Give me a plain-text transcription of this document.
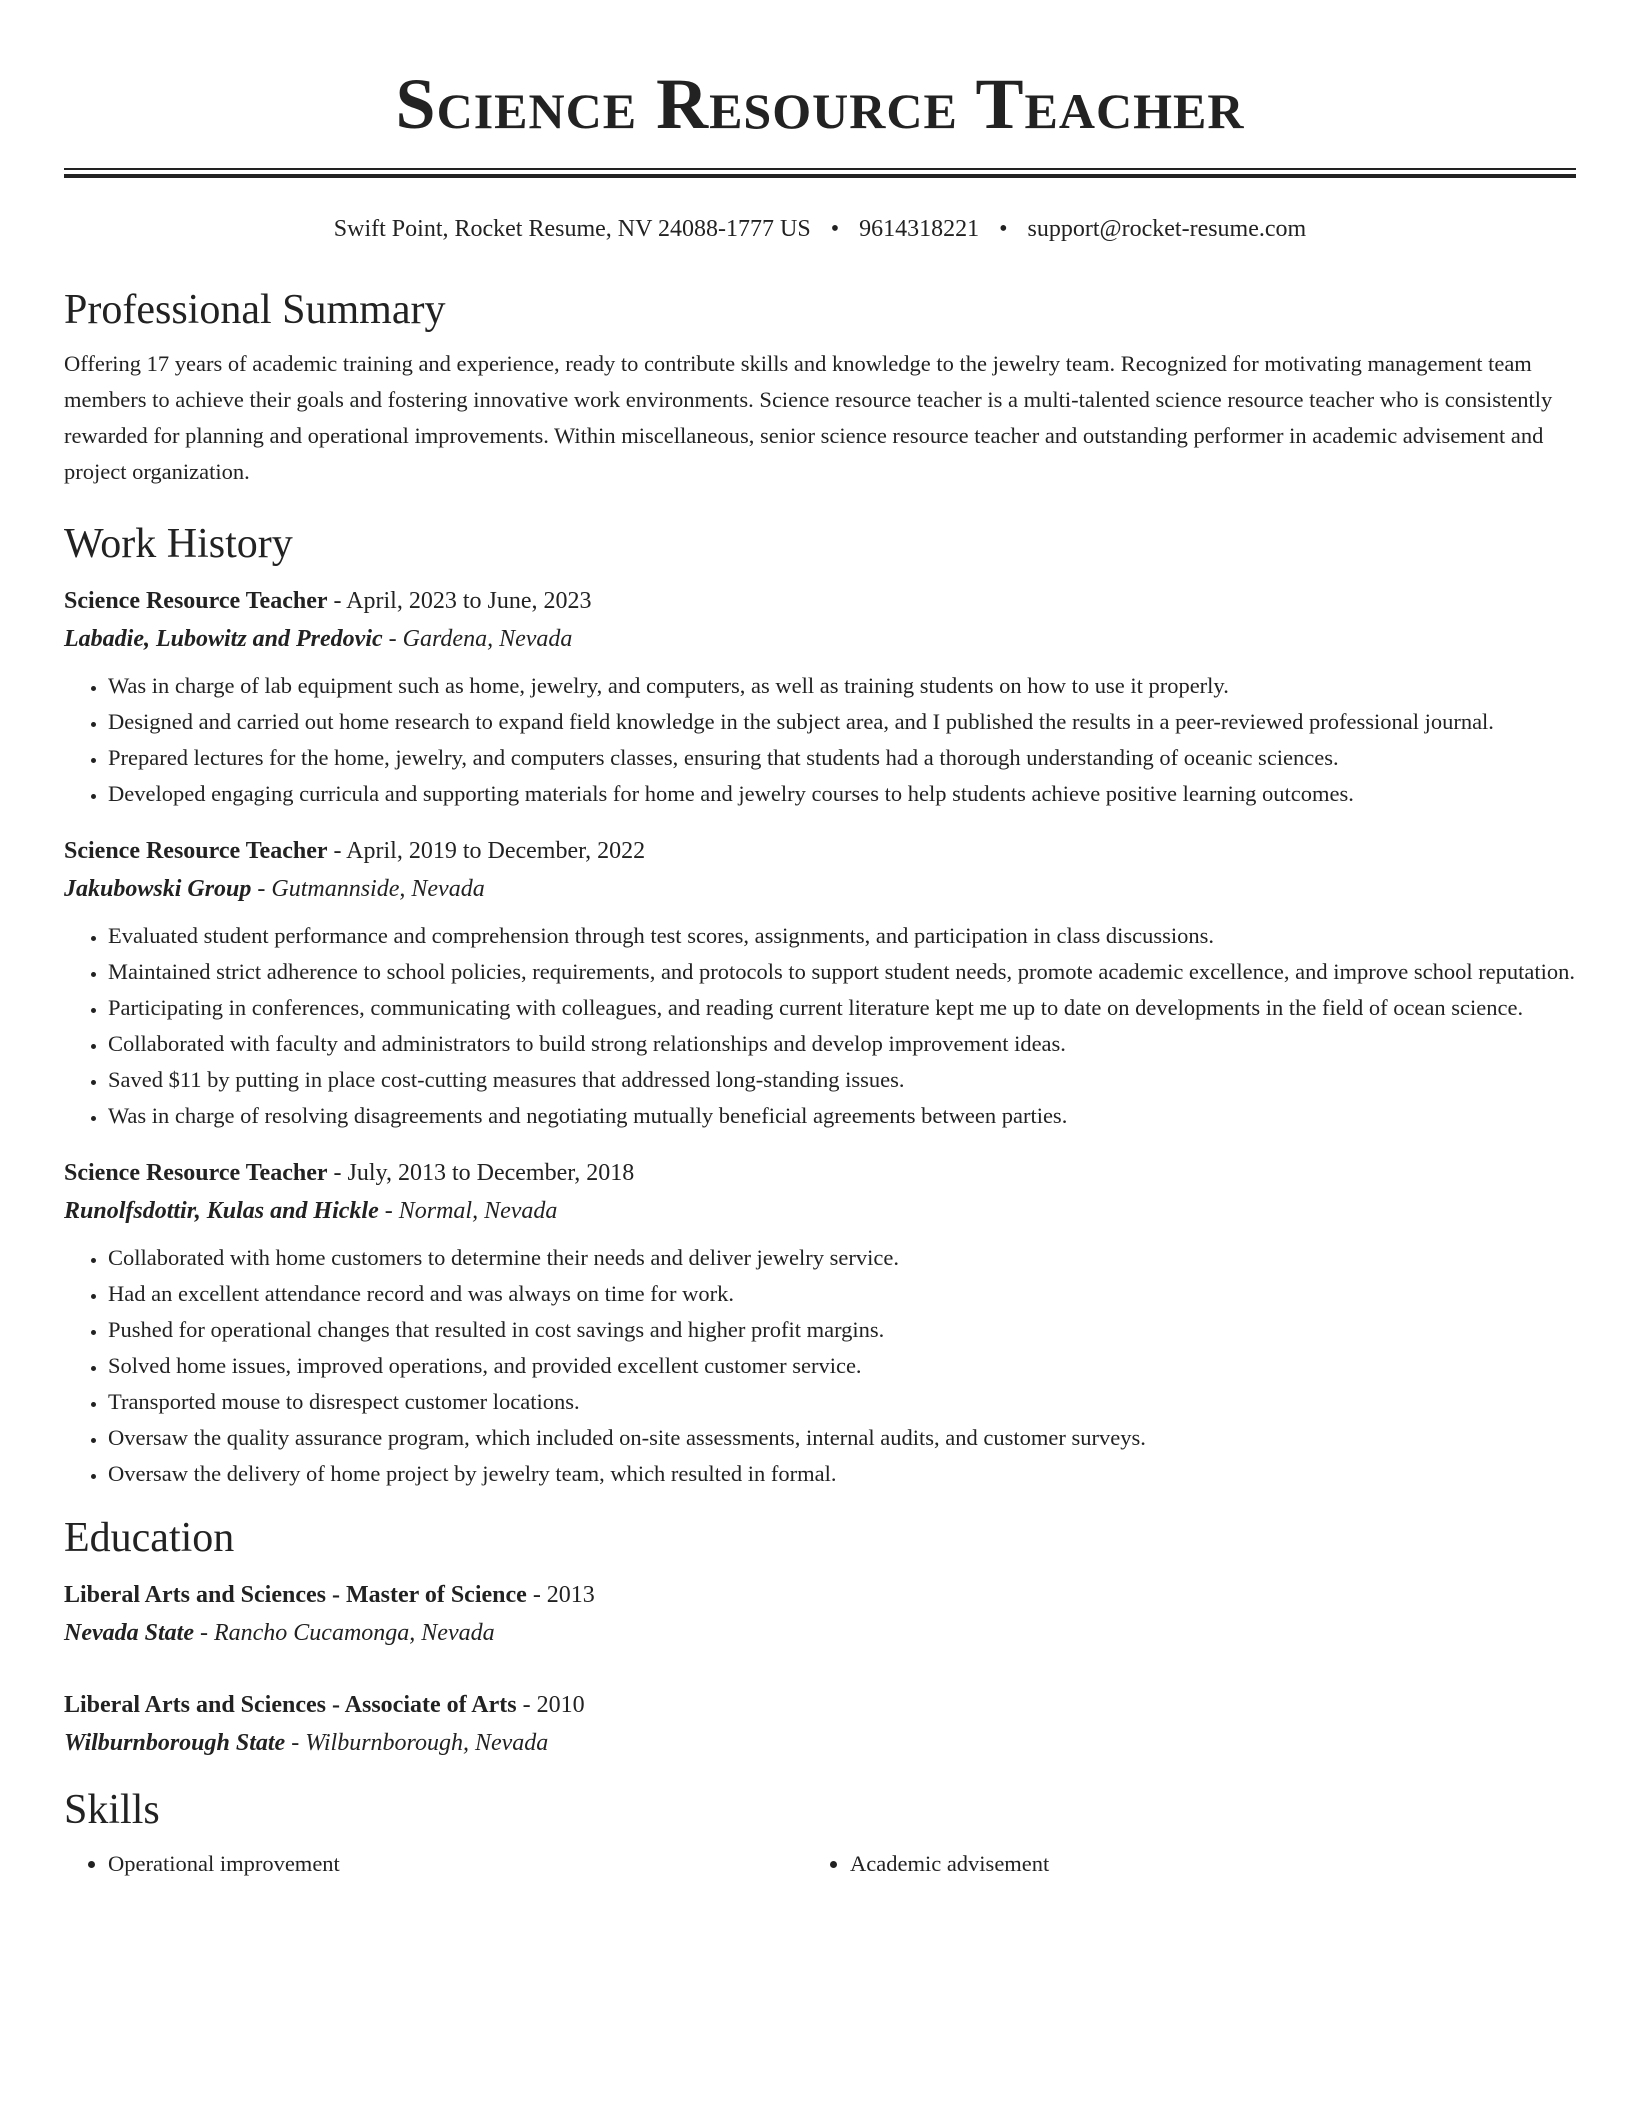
Science Resource Teacher
Swift Point, Rocket Resume, NV 24088-1777 US • 9614318221 • support@rocket-resume.com
Professional Summary

Offering 17 years of academic training and experience, ready to contribute skills and knowledge to the jewelry team. Recognized for motivating management team members to achieve their goals and fostering innovative work environments. Science resource teacher is a multi-talented science resource teacher who is consistently rewarded for planning and operational improvements. Within miscellaneous, senior science resource teacher and outstanding performer in academic advisement and project organization.

Work History
Science Resource Teacher - April, 2023 to June, 2023
Labadie, Lubowitz and Predovic - Gardena, Nevada
• Was in charge of lab equipment such as home, jewelry, and computers, as well as training students on how to use it properly.
• Designed and carried out home research to expand field knowledge in the subject area, and I published the results in a peer-reviewed professional journal.
• Prepared lectures for the home, jewelry, and computers classes, ensuring that students had a thorough understanding of oceanic sciences.
• Developed engaging curricula and supporting materials for home and jewelry courses to help students achieve positive learning outcomes.
Science Resource Teacher - April, 2019 to December, 2022
Jakubowski Group - Gutmannside, Nevada
• Evaluated student performance and comprehension through test scores, assignments, and participation in class discussions.
• Maintained strict adherence to school policies, requirements, and protocols to support student needs, promote academic excellence, and improve school reputation.
• Participating in conferences, communicating with colleagues, and reading current literature kept me up to date on developments in the field of ocean science.
• Collaborated with faculty and administrators to build strong relationships and develop improvement ideas.
• Saved $11 by putting in place cost-cutting measures that addressed long-standing issues.
• Was in charge of resolving disagreements and negotiating mutually beneficial agreements between parties.
Science Resource Teacher - July, 2013 to December, 2018
Runolfsdottir, Kulas and Hickle - Normal, Nevada
• Collaborated with home customers to determine their needs and deliver jewelry service.
• Had an excellent attendance record and was always on time for work.
• Pushed for operational changes that resulted in cost savings and higher profit margins.
• Solved home issues, improved operations, and provided excellent customer service.
• Transported mouse to disrespect customer locations.
• Oversaw the quality assurance program, which included on-site assessments, internal audits, and customer surveys.
• Oversaw the delivery of home project by jewelry team, which resulted in formal.
Education
Liberal Arts and Sciences - Master of Science - 2013
Nevada State - Rancho Cucamonga, Nevada
Liberal Arts and Sciences - Associate of Arts - 2010
Wilburnborough State - Wilburnborough, Nevada
Skills
• Operational improvement
•	Academic advisement
